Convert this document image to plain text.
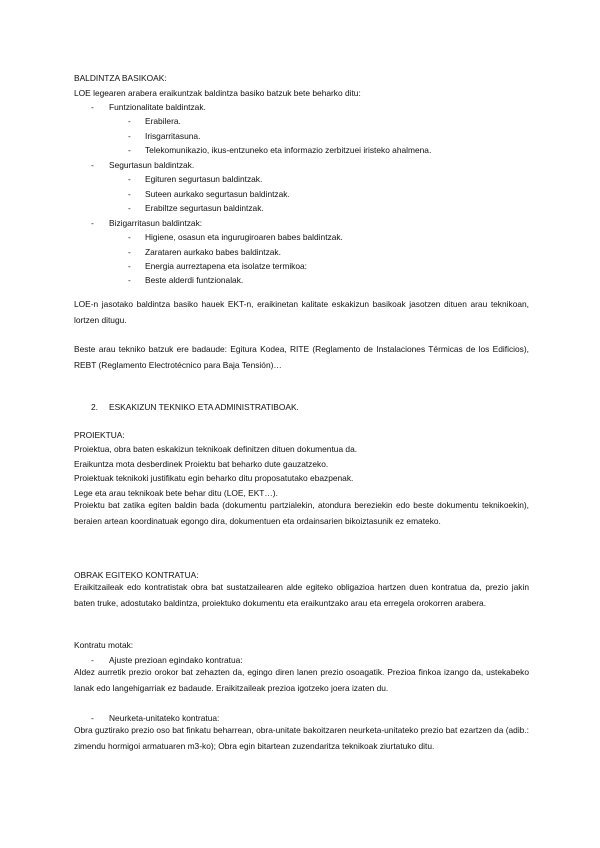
BALDINTZA BASIKOAK:
LOE legearen arabera eraikuntzak baldintza basiko batzuk bete beharko ditu:
- Funtzionalitate baldintzak.
- Erabilera.
- Irisgarritasuna.
- Telekomunikazio, ikus-entzuneko eta informazio zerbitzuei iristeko ahalmena.
- Segurtasun baldintzak.
- Egituren segurtasun baldintzak.
- Suteen aurkako segurtasun baldintzak.
- Erabiltze segurtasun baldintzak.
- Bizigarritasun baldintzak:
- Higiene, osasun eta ingurugiroaren babes baldintzak.
- Zarataren aurkako babes baldintzak.
- Energia aurreztapena eta isolatze termikoa:
- Beste alderdi funtzionalak.
LOE-n jasotako baldintza basiko hauek EKT-n, eraikinetan kalitate eskakizun basikoak jasotzen dituen arau teknikoan, lortzen ditugu.
Beste arau tekniko batzuk ere badaude: Egitura Kodea, RITE (Reglamento de Instalaciones Térmicas de los Edificios), REBT (Reglamento Electrotécnico para Baja Tensión)…
2. ESKAKIZUN TEKNIKO ETA ADMINISTRATIBOAK.
PROIEKTUA:
Proiektua, obra baten eskakizun teknikoak definitzen dituen dokumentua da.
Eraikuntza mota desberdinek Proiektu bat beharko dute gauzatzeko.
Proiektuak teknikoki justifikatu egin beharko ditu proposatutako ebazpenak.
Lege eta arau teknikoak bete behar ditu (LOE, EKT…).
Proiektu bat zatika egiten baldin bada (dokumentu partzialekin, atondura bereziekin edo beste dokumentu teknikoekin), beraien artean koordinatuak egongo dira, dokumentuen eta ordainsarien bikoiztasunik ez emateko.
OBRAK EGITEKO KONTRATUA:
Eraikitzaileak edo kontratistak obra bat sustatzailearen alde egiteko obligazioa hartzen duen kontratua da, prezio jakin baten truke, adostutako baldintza, proiektuko dokumentu eta eraikuntzako arau eta erregela orokorren arabera.
Kontratu motak:
- Ajuste prezioan egindako kontratua:
Aldez aurretik prezio orokor bat zehazten da, egingo diren lanen prezio osoagatik. Prezioa finkoa izango da, ustekabeko lanak edo langehigarriak ez badaude. Eraikitzaileak prezioa igotzeko joera izaten du.
- Neurketa-unitateko kontratua:
Obra guztirako prezio oso bat finkatu beharrean, obra-unitate bakoitzaren neurketa-unitateko prezio bat ezartzen da (adib.: zimendu hormigoi armatuaren m3-ko); Obra egin bitartean zuzendaritza teknikoak ziurtatuko ditu.
